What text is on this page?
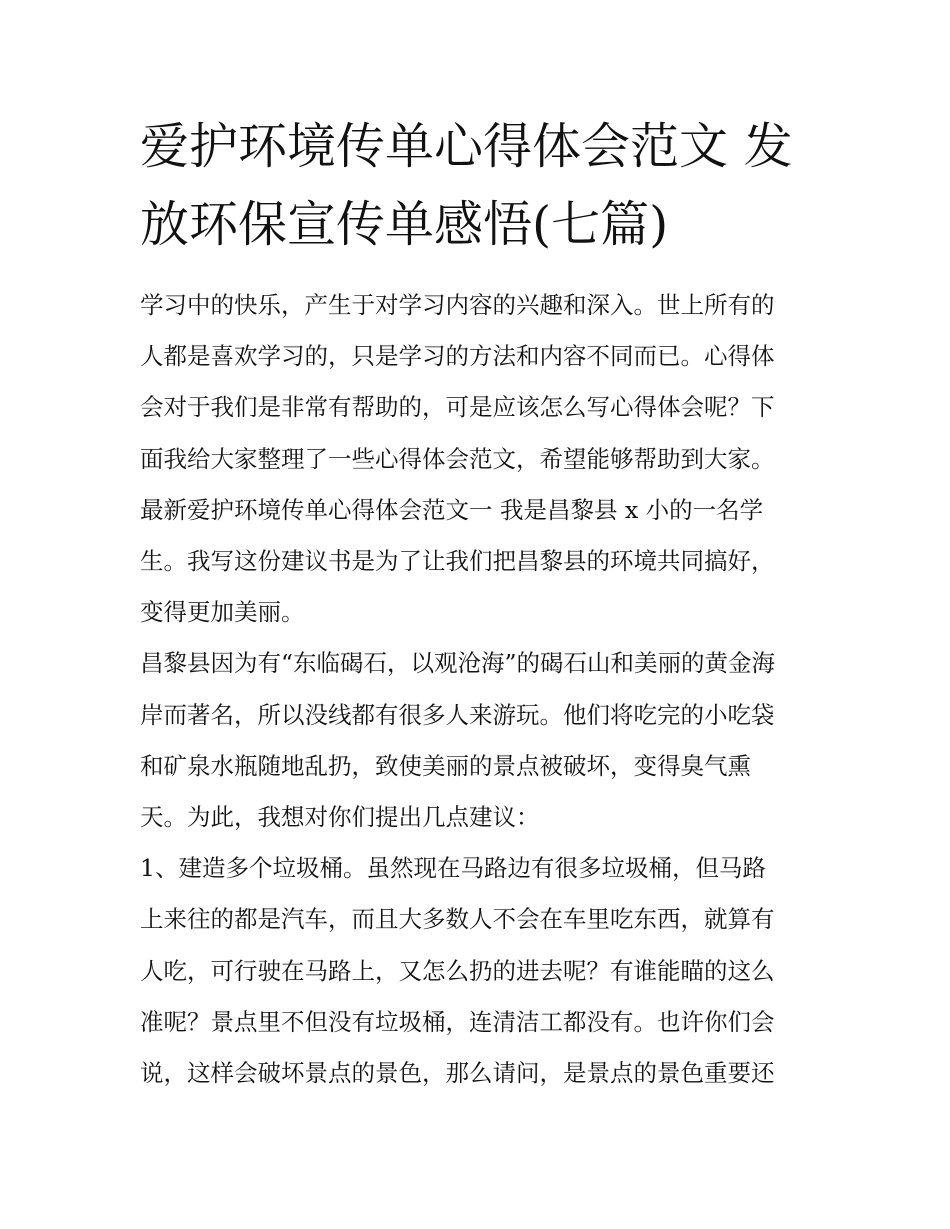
爱护环境传单心得体会范文 发
放环保宣传单感悟(七篇)
学习中的快乐，产生于对学习内容的兴趣和深入。世上所有的
人都是喜欢学习的，只是学习的方法和内容不同而已。心得体
会对于我们是非常有帮助的，可是应该怎么写心得体会呢？下
面我给大家整理了一些心得体会范文，希望能够帮助到大家。
最新爱护环境传单心得体会范文一 我是昌黎县 x 小的一名学
生。我写这份建议书是为了让我们把昌黎县的环境共同搞好，
变得更加美丽。
昌黎县因为有“东临碣石，以观沧海”的碣石山和美丽的黄金海
岸而著名，所以没线都有很多人来游玩。他们将吃完的小吃袋
和矿泉水瓶随地乱扔，致使美丽的景点被破坏，变得臭气熏
天。为此，我想对你们提出几点建议：
1、建造多个垃圾桶。虽然现在马路边有很多垃圾桶，但马路
上来往的都是汽车，而且大多数人不会在车里吃东西，就算有
人吃，可行驶在马路上，又怎么扔的进去呢？有谁能瞄的这么
准呢？景点里不但没有垃圾桶，连清洁工都没有。也许你们会
说，这样会破坏景点的景色，那么请问，是景点的景色重要还
